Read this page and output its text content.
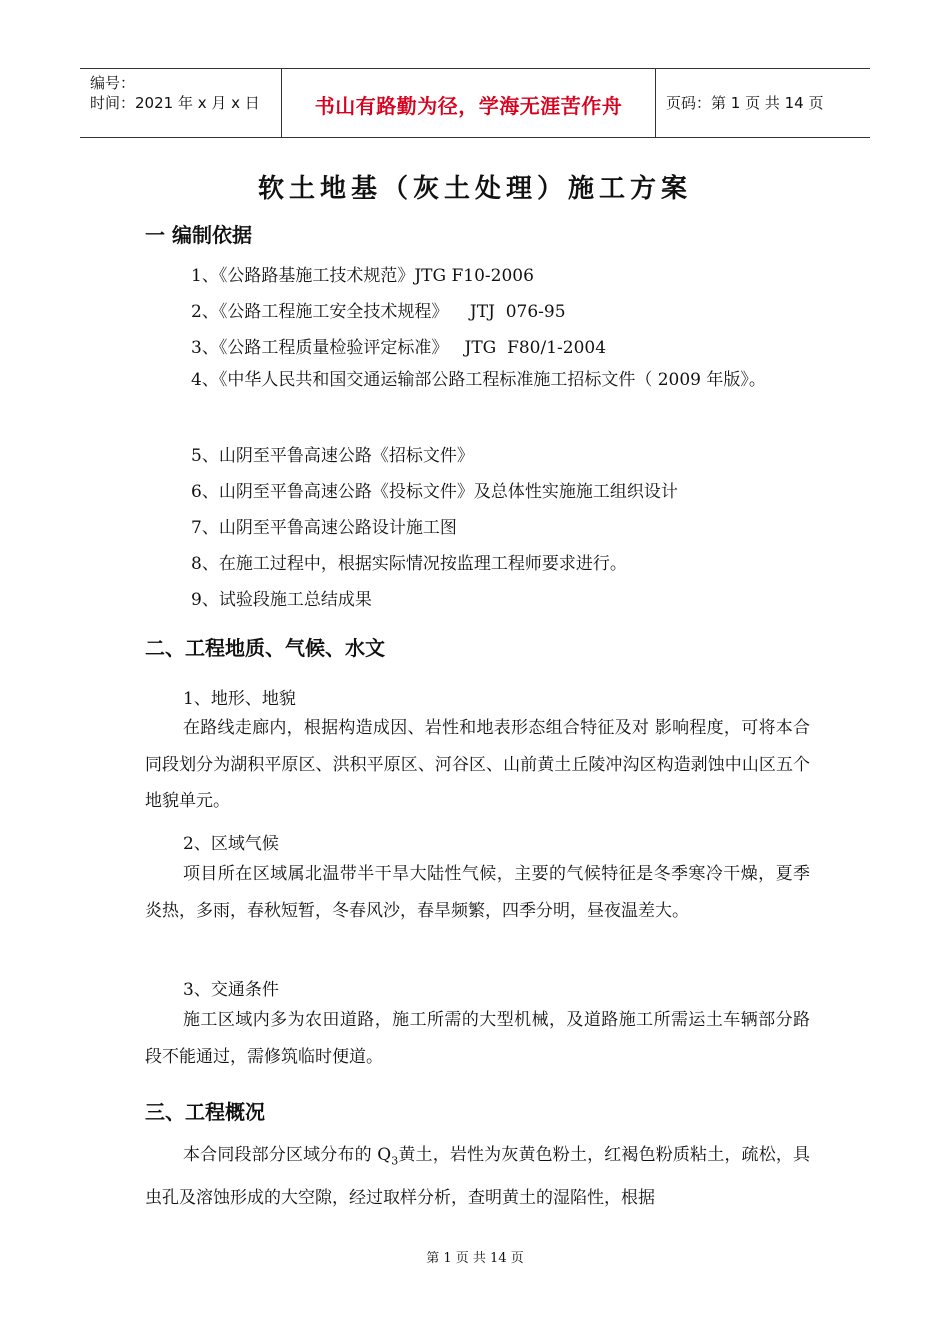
编号：
时间：2021 年 x 月 x 日	书山有路勤为径，学海无涯苦作舟	页码：第 1 页 共 14 页
软土地基（灰土处理）施工方案
一 编制依据
1、《公路路基施工技术规范》JTG F10-2006
2、《公路工程施工安全技术规程》    JTJ  076-95
3、《公路工程质量检验评定标准》   JTG  F80/1-2004
4、《中华人民共和国交通运输部公路工程标准施工招标文件（ 2009 年版》。
5、山阴至平鲁高速公路《招标文件》
6、山阴至平鲁高速公路《投标文件》及总体性实施施工组织设计
7、山阴至平鲁高速公路设计施工图
8、在施工过程中，根据实际情况按监理工程师要求进行。
9、试验段施工总结成果
二、工程地质、气候、水文
1、地形、地貌
在路线走廊内，根据构造成因、岩性和地表形态组合特征及对 影响程度，可将本合同段划分为湖积平原区、洪积平原区、河谷区、山前黄土丘陵冲沟区构造剥蚀中山区五个地貌单元。
2、区域气候
项目所在区域属北温带半干旱大陆性气候，主要的气候特征是冬季寒冷干燥，夏季炎热，多雨，春秋短暂，冬春风沙，春旱频繁，四季分明，昼夜温差大。
3、交通条件
施工区域内多为农田道路，施工所需的大型机械，及道路施工所需运土车辆部分路段不能通过，需修筑临时便道。
三、工程概况
本合同段部分区域分布的 $Q_3$黄土，岩性为灰黄色粉土，红褐色粉质粘土，疏松，具虫孔及溶蚀形成的大空隙，经过取样分析，查明黄土的湿陷性，根据
第 1 页 共 14 页
